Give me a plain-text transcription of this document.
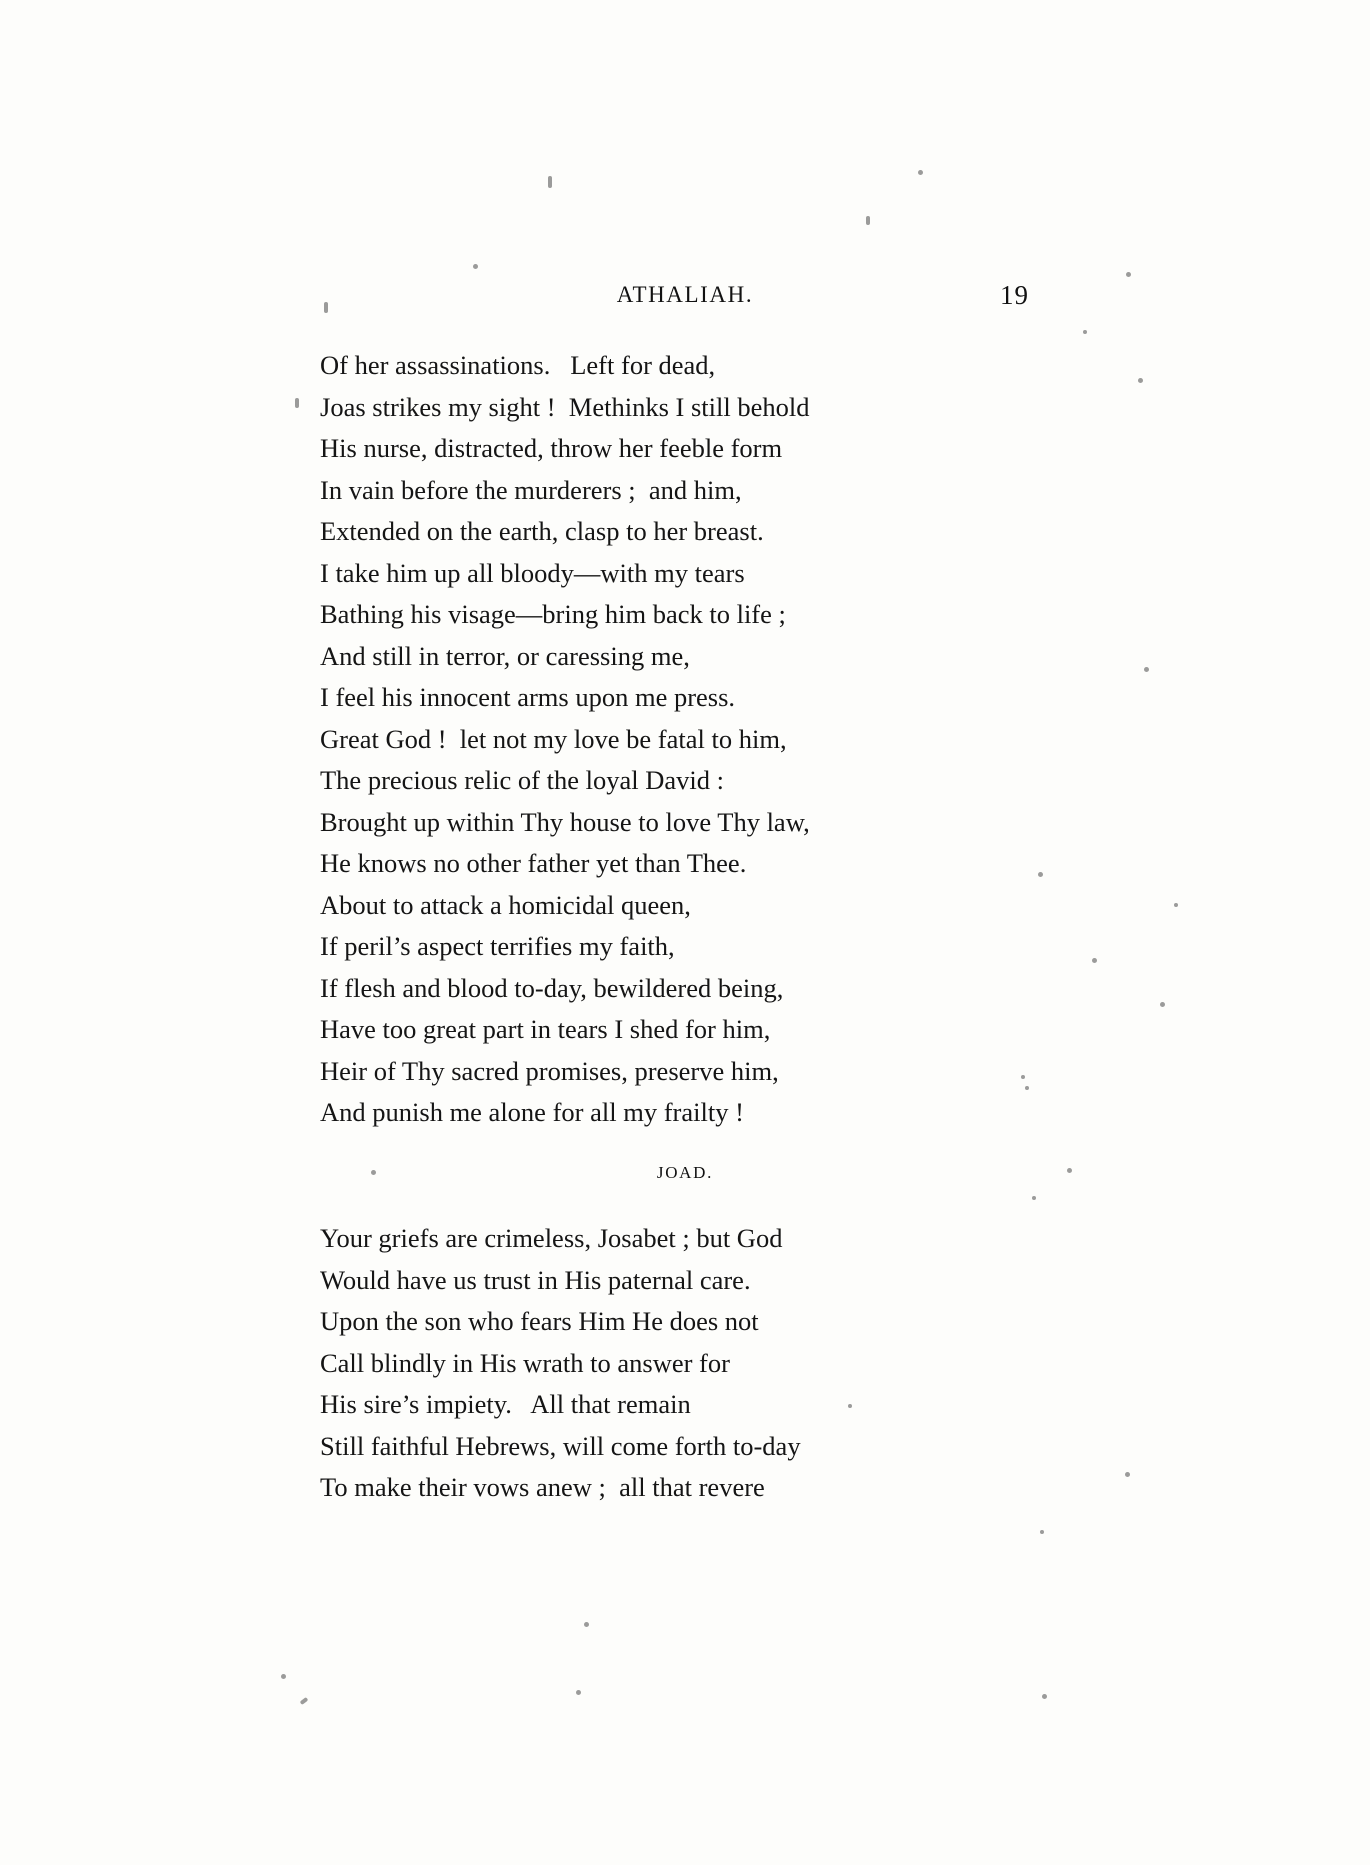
ATHALIAH.	19
Of her assassinations.   Left for dead,
Joas strikes my sight !  Methinks I still behold
His nurse, distracted, throw her feeble form
In vain before the murderers ;  and him,
Extended on the earth, clasp to her breast.
I take him up all bloody—with my tears
Bathing his visage—bring him back to life ;
And still in terror, or caressing me,
I feel his innocent arms upon me press.
Great God !  let not my love be fatal to him,
The precious relic of the loyal David :
Brought up within Thy house to love Thy law,
He knows no other father yet than Thee.
About to attack a homicidal queen,
If peril’s aspect terrifies my faith,
If flesh and blood to-day, bewildered being,
Have too great part in tears I shed for him,
Heir of Thy sacred promises, preserve him,
And punish me alone for all my frailty !
JOAD.
Your griefs are crimeless, Josabet ; but God
Would have us trust in His paternal care.
Upon the son who fears Him He does not
Call blindly in His wrath to answer for
His sire’s impiety.   All that remain
Still faithful Hebrews, will come forth to-day
To make their vows anew ;  all that revere
